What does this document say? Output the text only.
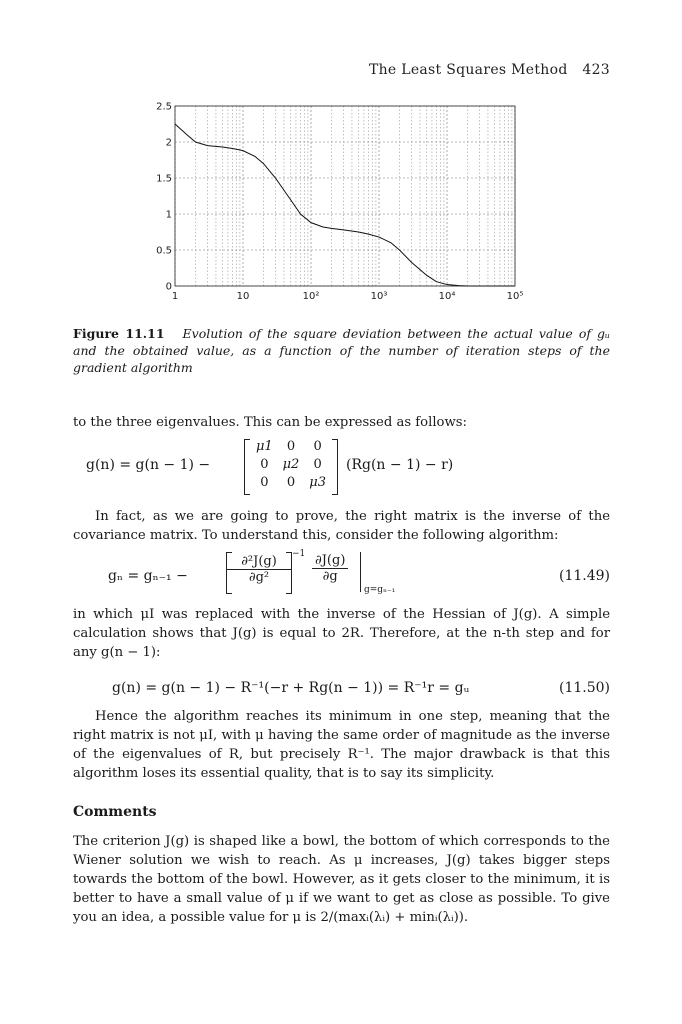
The Least Squares Method 423
0
0.5
1
1.5
2
2.5
1	10	10²	10³	10⁴	10⁵
Figure 11.11 Evolution of the square deviation between the actual value of gᵤ and the obtained value, as a function of the number of iteration steps of the gradient algorithm
to the three eigenvalues. This can be expressed as follows:
g(n) = g(n − 1) −
μ1	0	0
0	μ2	0
0	0	μ3
(Rg(n − 1) − r)
In fact, as we are going to prove, the right matrix is the inverse of the covariance matrix. To understand this, consider the following algorithm:
gₙ = gₙ₋₁ −
∂²J(g)
∂g²
$-1 \frac{\partial J(g)}{\partial g}$
g=gₙ₋₁
(11.49)
in which μI was replaced with the inverse of the Hessian of J(g). A simple calculation shows that J(g) is equal to 2R. Therefore, at the n-th step and for any g(n − 1):
g(n) = g(n − 1) − R⁻¹(−r + Rg(n − 1)) = R⁻¹r = gᵤ	(11.50)
Hence the algorithm reaches its minimum in one step, meaning that the right matrix is not μI, with μ having the same order of magnitude as the inverse of the eigenvalues of R, but precisely R⁻¹. The major drawback is that this algorithm loses its essential quality, that is to say its simplicity.
Comments
The criterion J(g) is shaped like a bowl, the bottom of which corresponds to the Wiener solution we wish to reach. As μ increases, J(g) takes bigger steps towards the bottom of the bowl. However, as it gets closer to the minimum, it is better to have a small value of μ if we want to get as close as possible. To give you an idea, a possible value for μ is 2/(maxᵢ(λᵢ) + minᵢ(λᵢ)).
